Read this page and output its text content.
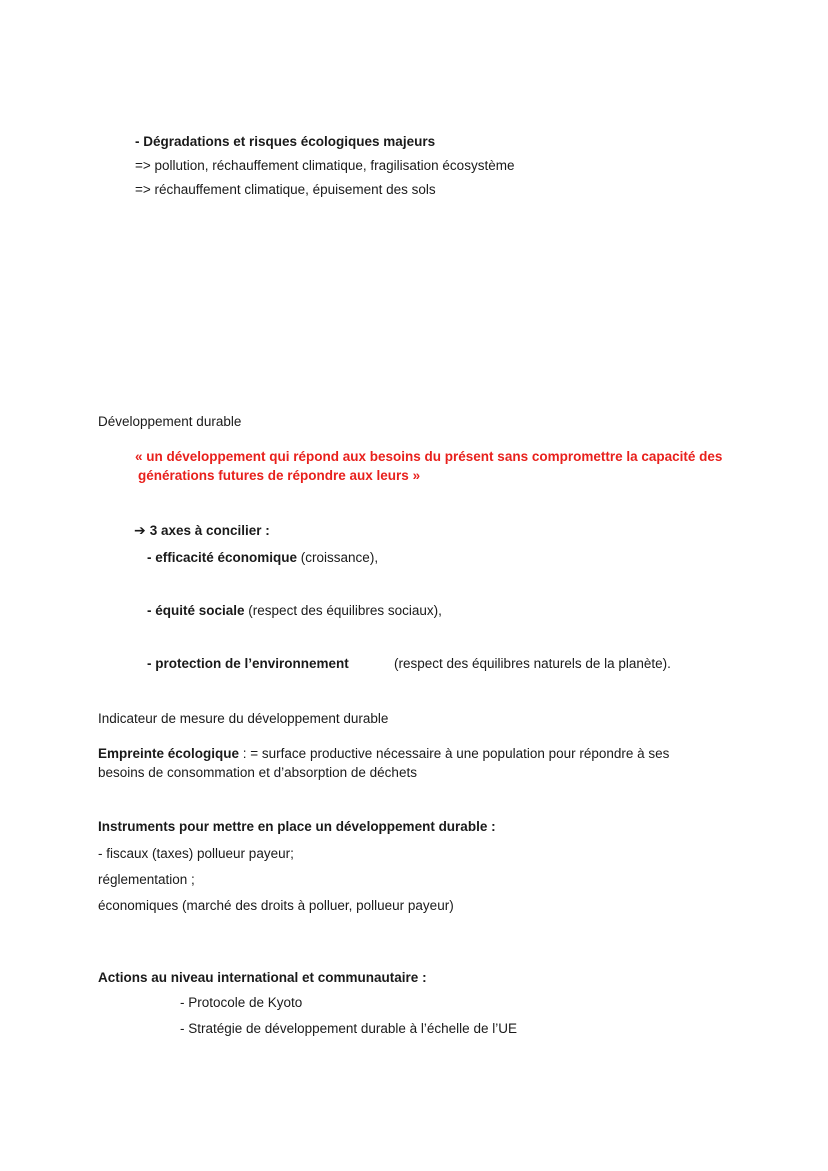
- Dégradations et risques écologiques majeurs
=> pollution, réchauffement climatique, fragilisation écosystème
=> réchauffement climatique, épuisement des sols
Développement durable
« un développement qui répond aux besoins du présent sans compromettre la capacité des
générations futures de répondre aux leurs »
➔ 3 axes à concilier :
- efficacité économique (croissance),
- équité sociale (respect des équilibres sociaux),
- protection de l’environnement	(respect des équilibres naturels de la planète).
Indicateur de mesure du développement durable
Empreinte écologique : = surface productive nécessaire à une population pour répondre à ses
besoins de consommation et d’absorption de déchets
Instruments pour mettre en place un développement durable :
- fiscaux (taxes) pollueur payeur;
réglementation ;
économiques (marché des droits à polluer, pollueur payeur)
Actions au niveau international et communautaire :
- Protocole de Kyoto
- Stratégie de développement durable à l’échelle de l’UE
